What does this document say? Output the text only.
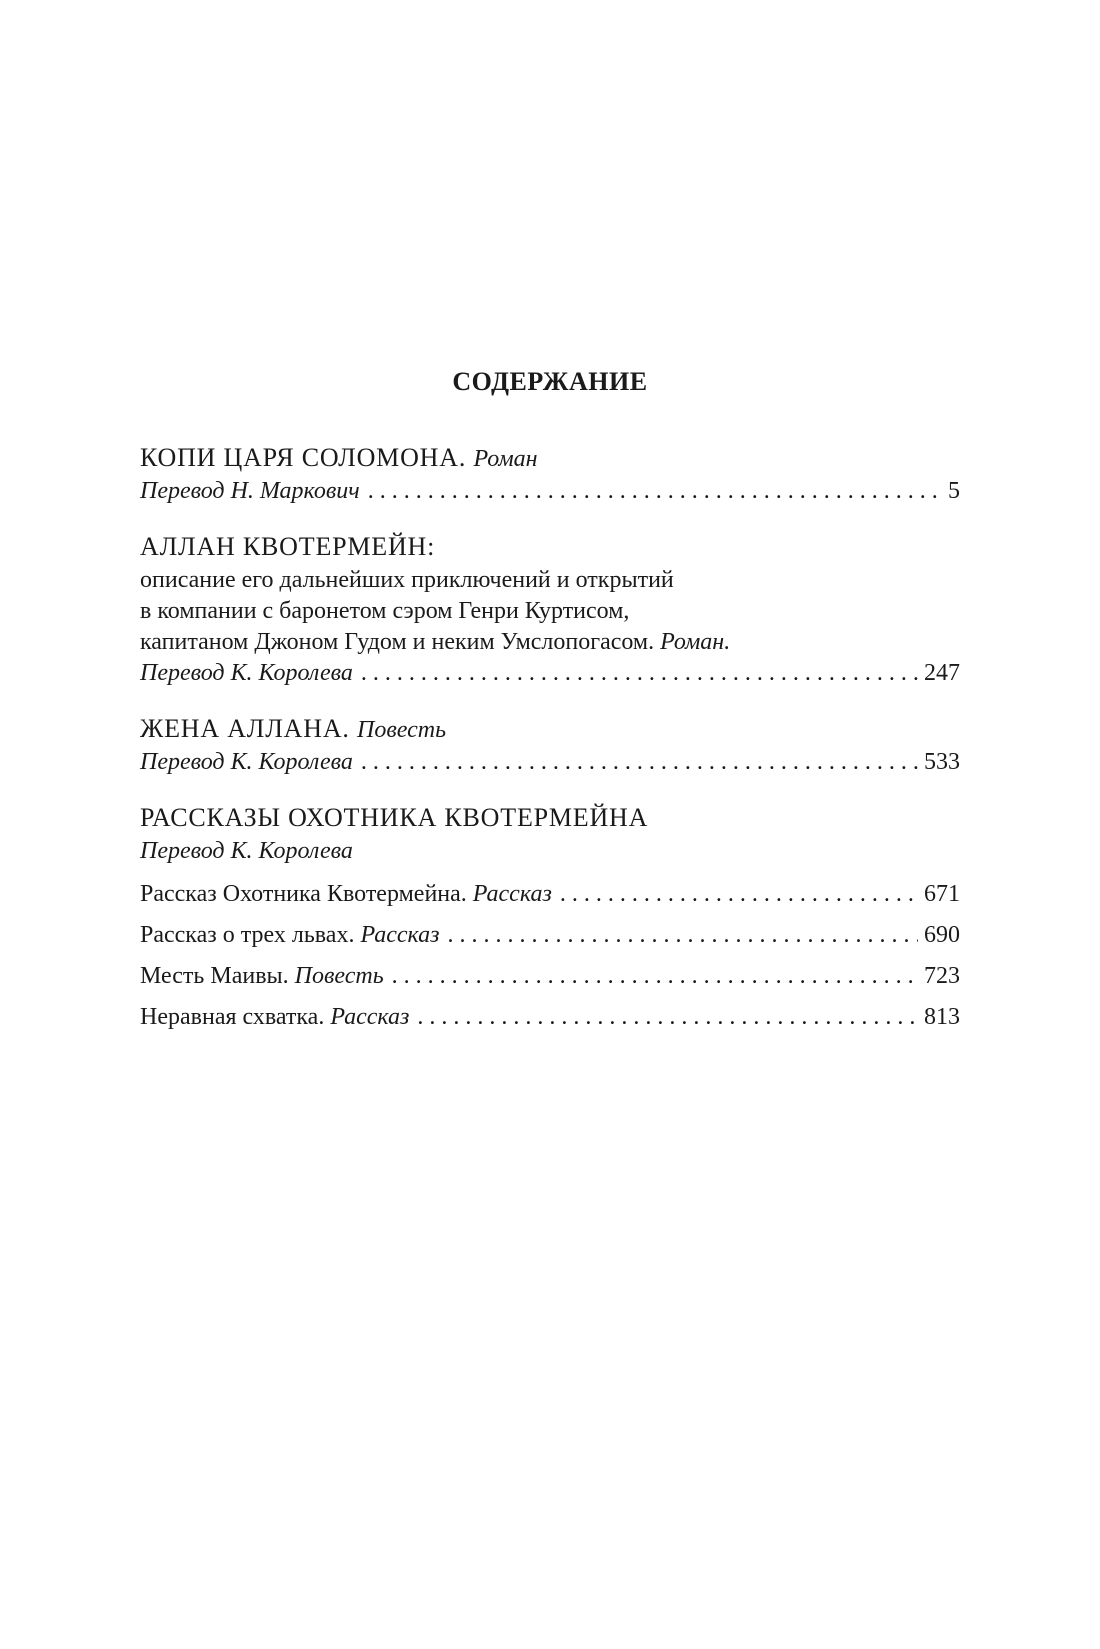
СОДЕРЖАНИЕ
КОПИ ЦАРЯ СОЛОМОНА. Роман
Перевод Н. Маркович . . .	5
АЛЛАН КВОТЕРМЕЙН:
описание его дальнейших приключений и открытий
в компании с баронетом сэром Генри Куртисом,
капитаном Джоном Гудом и неким Умслопогасом. Роман.
Перевод К. Королева . . .	247
ЖЕНА АЛЛАНА. Повесть
Перевод К. Королева . . .	533
РАССКАЗЫ ОХОТНИКА КВОТЕРМЕЙНА
Перевод К. Королева
Рассказ Охотника Квотермейна. Рассказ . . .	671
Рассказ о трех львах. Рассказ . . .	690
Месть Маивы. Повесть . . .	723
Неравная схватка. Рассказ . . .	813
